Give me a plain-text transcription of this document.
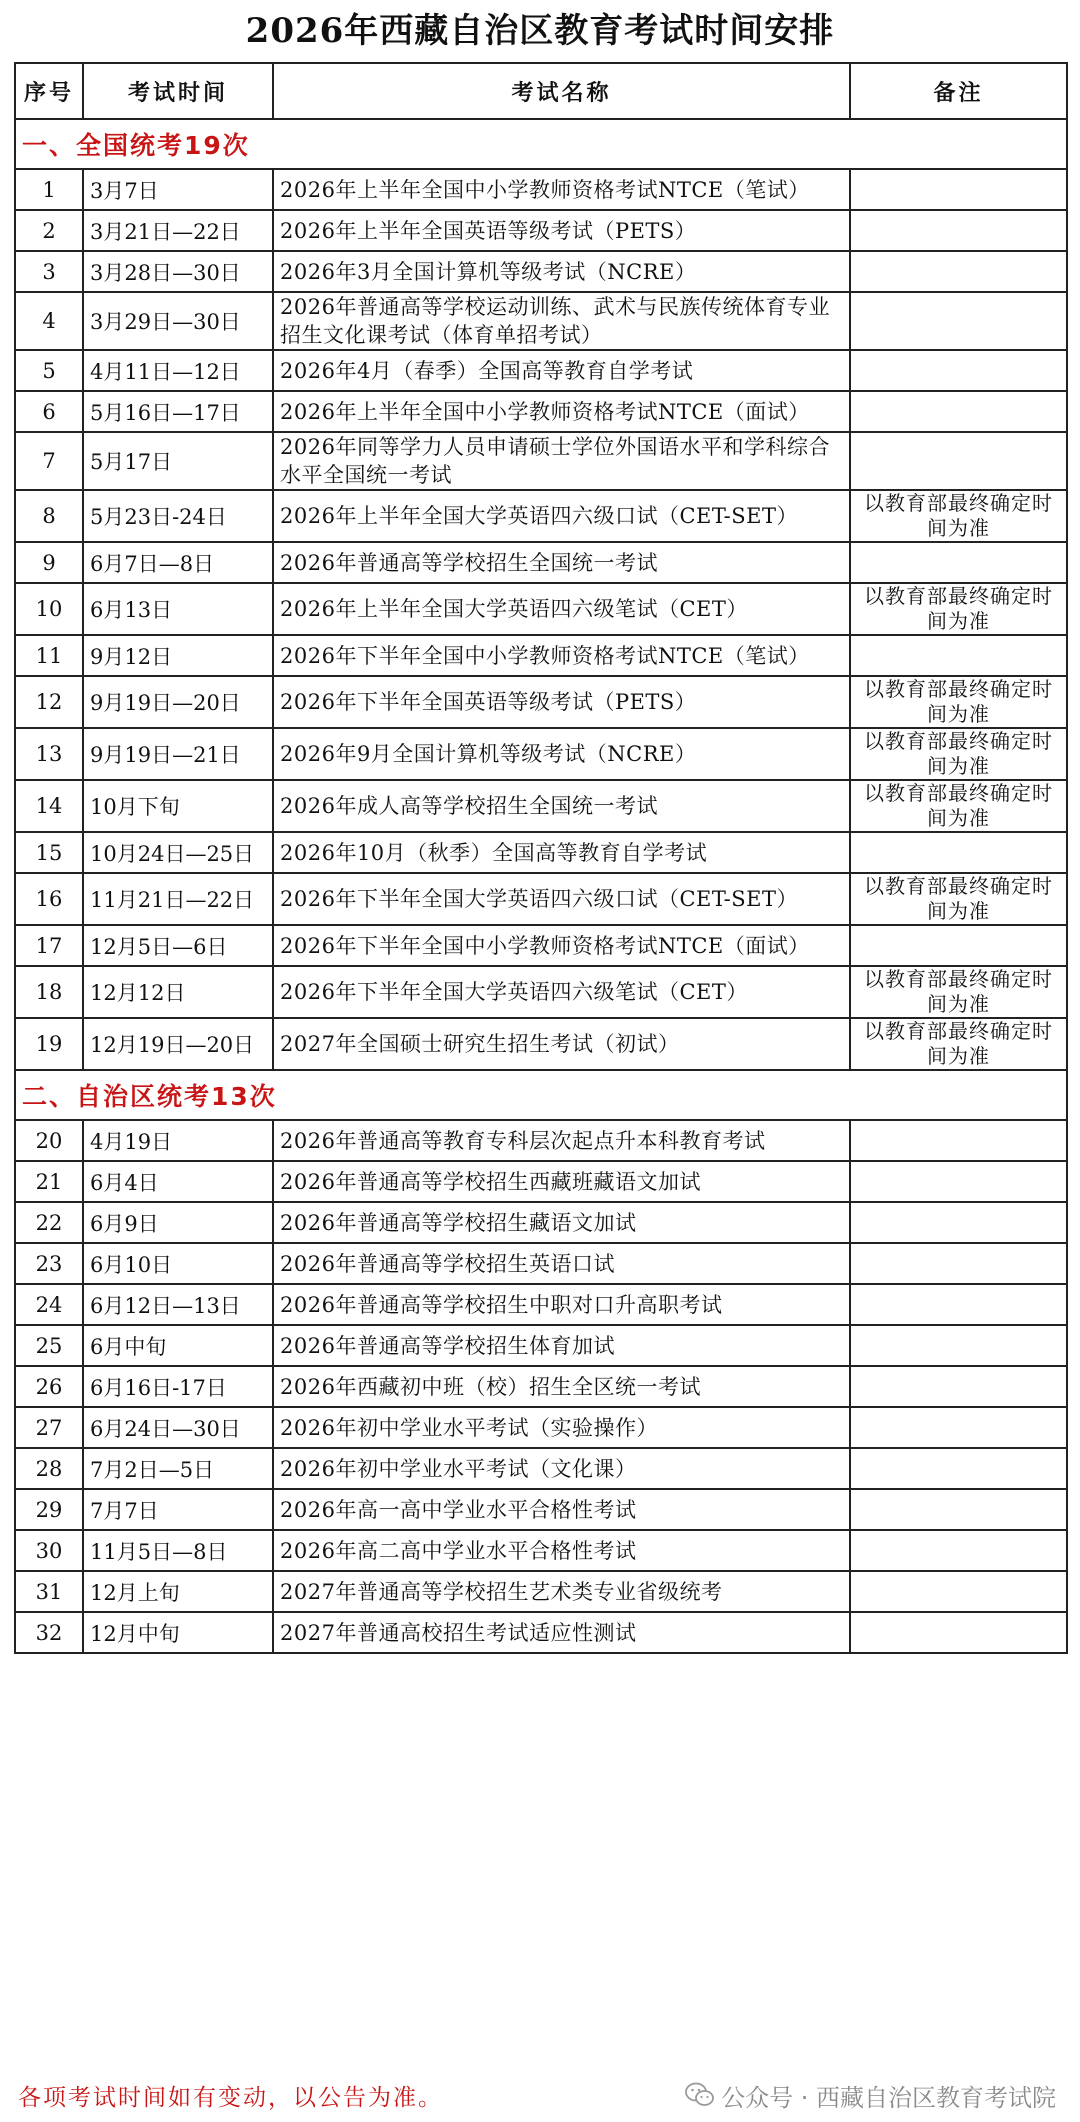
2026年西藏自治区教育考试时间安排
序号	考试时间	考试名称	备注
一、全国统考19次			
1	3月7日	2026年上半年全国中小学教师资格考试NTCE（笔试）	
2	3月21日—22日	2026年上半年全国英语等级考试（PETS）	
3	3月28日—30日	2026年3月全国计算机等级考试（NCRE）	
4	3月29日—30日	2026年普通高等学校运动训练、武术与民族传统体育专业招生文化课考试（体育单招考试）	
5	4月11日—12日	2026年4月（春季）全国高等教育自学考试	
6	5月16日—17日	2026年上半年全国中小学教师资格考试NTCE（面试）	
7	5月17日	2026年同等学力人员申请硕士学位外国语水平和学科综合水平全国统一考试	
8	5月23日-24日	2026年上半年全国大学英语四六级口试（CET-SET）	以教育部最终确定时间为准
9	6月7日—8日	2026年普通高等学校招生全国统一考试	
10	6月13日	2026年上半年全国大学英语四六级笔试（CET）	以教育部最终确定时间为准
11	9月12日	2026年下半年全国中小学教师资格考试NTCE（笔试）	
12	9月19日—20日	2026年下半年全国英语等级考试（PETS）	以教育部最终确定时间为准
13	9月19日—21日	2026年9月全国计算机等级考试（NCRE）	以教育部最终确定时间为准
14	10月下旬	2026年成人高等学校招生全国统一考试	以教育部最终确定时间为准
15	10月24日—25日	2026年10月（秋季）全国高等教育自学考试	
16	11月21日—22日	2026年下半年全国大学英语四六级口试（CET-SET）	以教育部最终确定时间为准
17	12月5日—6日	2026年下半年全国中小学教师资格考试NTCE（面试）	
18	12月12日	2026年下半年全国大学英语四六级笔试（CET）	以教育部最终确定时间为准
19	12月19日—20日	2027年全国硕士研究生招生考试（初试）	以教育部最终确定时间为准
二、自治区统考13次			
20	4月19日	2026年普通高等教育专科层次起点升本科教育考试	
21	6月4日	2026年普通高等学校招生西藏班藏语文加试	
22	6月9日	2026年普通高等学校招生藏语文加试	
23	6月10日	2026年普通高等学校招生英语口试	
24	6月12日—13日	2026年普通高等学校招生中职对口升高职考试	
25	6月中旬	2026年普通高等学校招生体育加试	
26	6月16日-17日	2026年西藏初中班（校）招生全区统一考试	
27	6月24日—30日	2026年初中学业水平考试（实验操作）	
28	7月2日—5日	2026年初中学业水平考试（文化课）	
29	7月7日	2026年高一高中学业水平合格性考试	
30	11月5日—8日	2026年高二高中学业水平合格性考试	
31	12月上旬	2027年普通高等学校招生艺术类专业省级统考	
32	12月中旬	2027年普通高校招生考试适应性测试	
各项考试时间如有变动，以公告为准。	公众号 · 西藏自治区教育考试院
